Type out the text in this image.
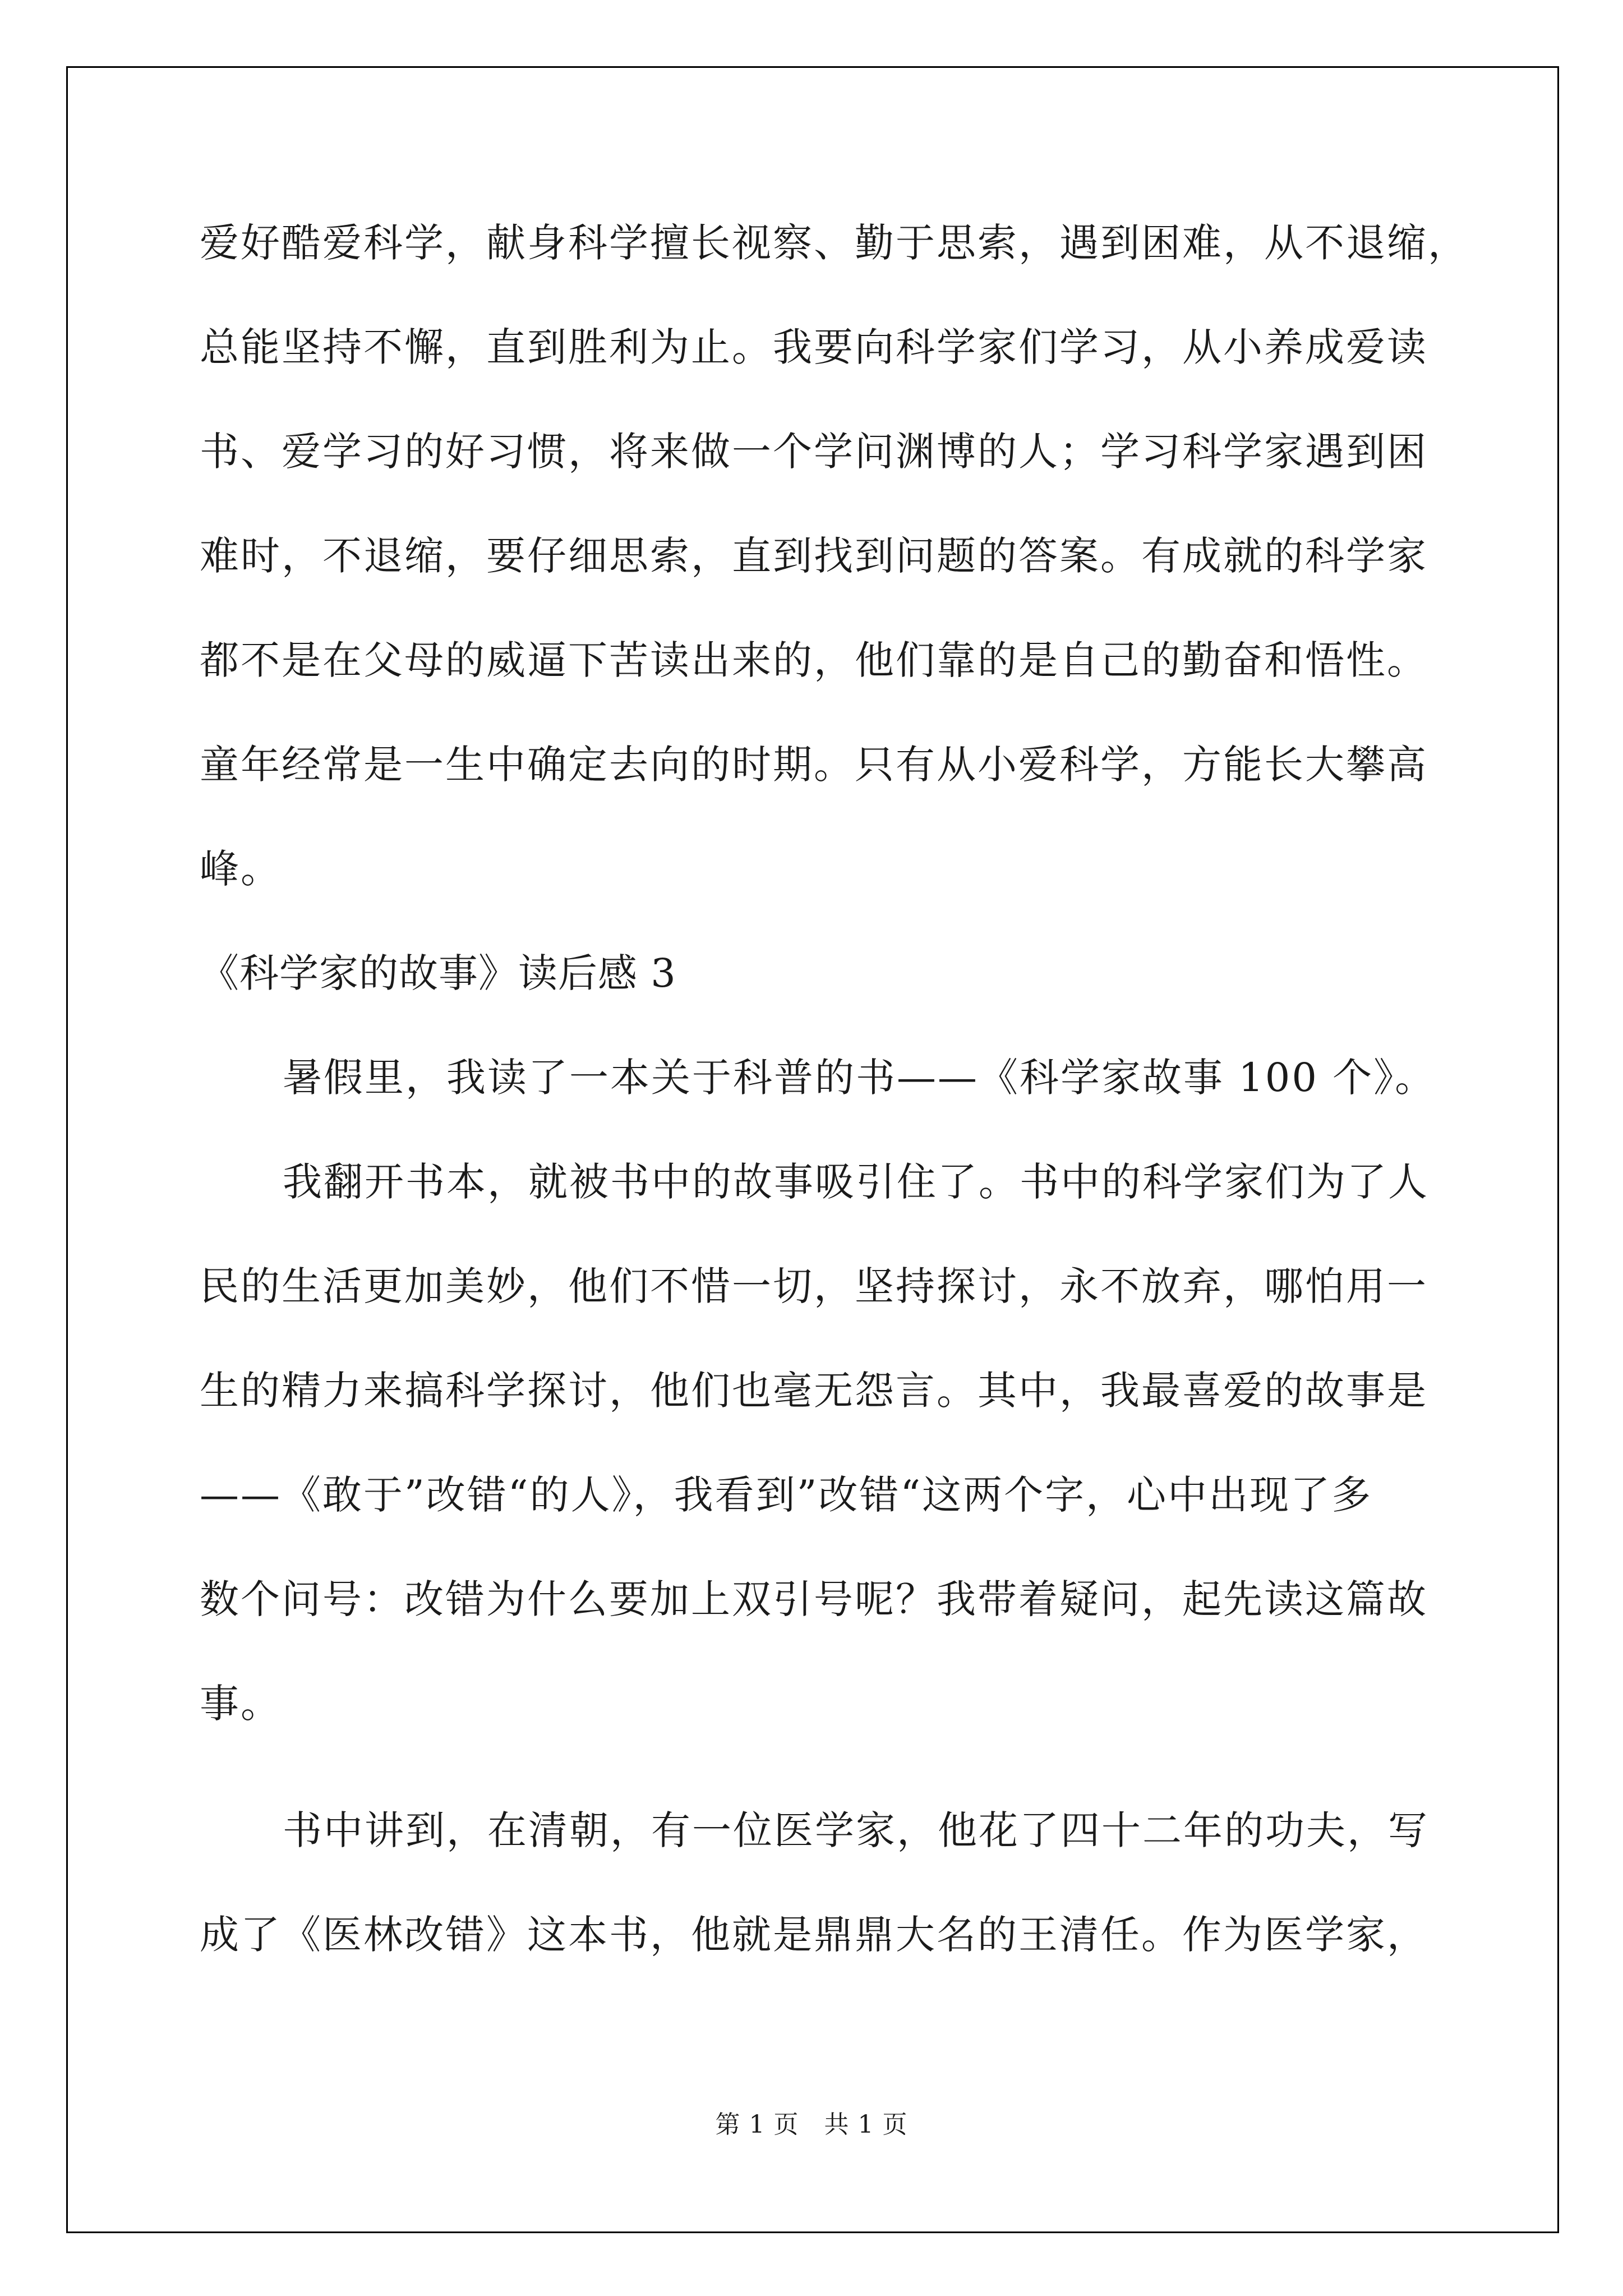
爱好酷爱科学，献身科学擅长视察、勤于思索，遇到困难，从不退缩，
总能坚持不懈，直到胜利为止。我要向科学家们学习，从小养成爱读
书、爱学习的好习惯，将来做一个学问渊博的人；学习科学家遇到困
难时，不退缩，要仔细思索，直到找到问题的答案。有成就的科学家
都不是在父母的威逼下苦读出来的，他们靠的是自己的勤奋和悟性。
童年经常是一生中确定去向的时期。只有从小爱科学，方能长大攀高
峰。
《科学家的故事》读后感 3
暑假里，我读了一本关于科普的书——《科学家故事 100 个》。
我翻开书本，就被书中的故事吸引住了。书中的科学家们为了人
民的生活更加美妙，他们不惜一切，坚持探讨，永不放弃，哪怕用一
生的精力来搞科学探讨，他们也毫无怨言。其中，我最喜爱的故事是
——《敢于”改错“的人》，我看到”改错“这两个字，心中出现了多
数个问号：改错为什么要加上双引号呢？我带着疑问，起先读这篇故
事。
书中讲到，在清朝，有一位医学家，他花了四十二年的功夫，写
成了《医林改错》这本书，他就是鼎鼎大名的王清任。作为医学家，
第 1 页　共 1 页
